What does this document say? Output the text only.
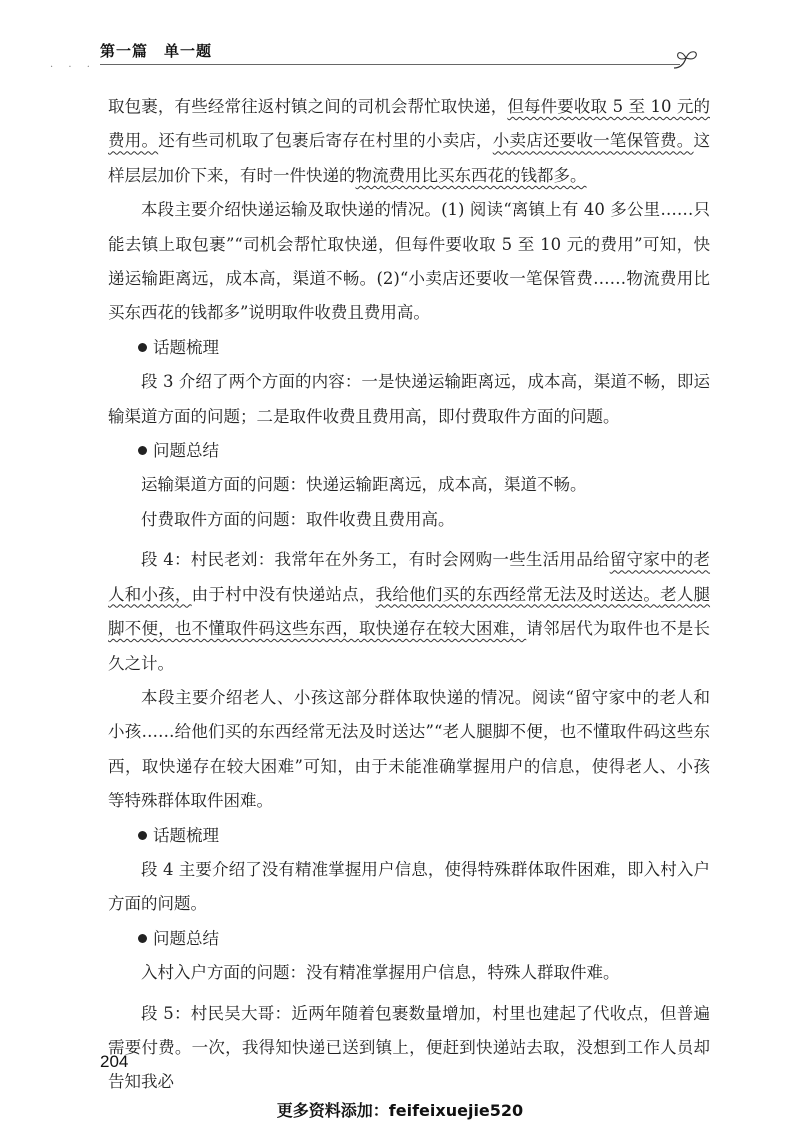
· · ·
第一篇　单一题

取包裹，有些经常往返村镇之间的司机会帮忙取快递，但每件要收取 5 至 10 元的费用。还有些司机取了包裹后寄存在村里的小卖店，小卖店还要收一笔保管费。这样层层加价下来，有时一件快递的物流费用比买东西花的钱都多。

本段主要介绍快递运输及取快递的情况。(1) 阅读“离镇上有 40 多公里……只能去镇上取包裹”“司机会帮忙取快递，但每件要收取 5 至 10 元的费用”可知，快递运输距离远，成本高，渠道不畅。(2)“小卖店还要收一笔保管费……物流费用比买东西花的钱都多”说明取件收费且费用高。

话题梳理

段 3 介绍了两个方面的内容：一是快递运输距离远，成本高，渠道不畅，即运输渠道方面的问题；二是取件收费且费用高，即付费取件方面的问题。

问题总结

运输渠道方面的问题：快递运输距离远，成本高，渠道不畅。

付费取件方面的问题：取件收费且费用高。

段 4：村民老刘：我常年在外务工，有时会网购一些生活用品给留守家中的老人和小孩，由于村中没有快递站点，我给他们买的东西经常无法及时送达。老人腿脚不便，也不懂取件码这些东西，取快递存在较大困难，请邻居代为取件也不是长久之计。

本段主要介绍老人、小孩这部分群体取快递的情况。阅读“留守家中的老人和小孩……给他们买的东西经常无法及时送达”“老人腿脚不便，也不懂取件码这些东西，取快递存在较大困难”可知，由于未能准确掌握用户的信息，使得老人、小孩等特殊群体取件困难。

话题梳理

段 4 主要介绍了没有精准掌握用户信息，使得特殊群体取件困难，即入村入户方面的问题。

问题总结

入村入户方面的问题：没有精准掌握用户信息，特殊人群取件难。

段 5：村民吴大哥：近两年随着包裹数量增加，村里也建起了代收点，但普遍需要付费。一次，我得知快递已送到镇上，便赶到快递站去取，没想到工作人员却告知我必

204
更多资料添加：feifeixuejie520
